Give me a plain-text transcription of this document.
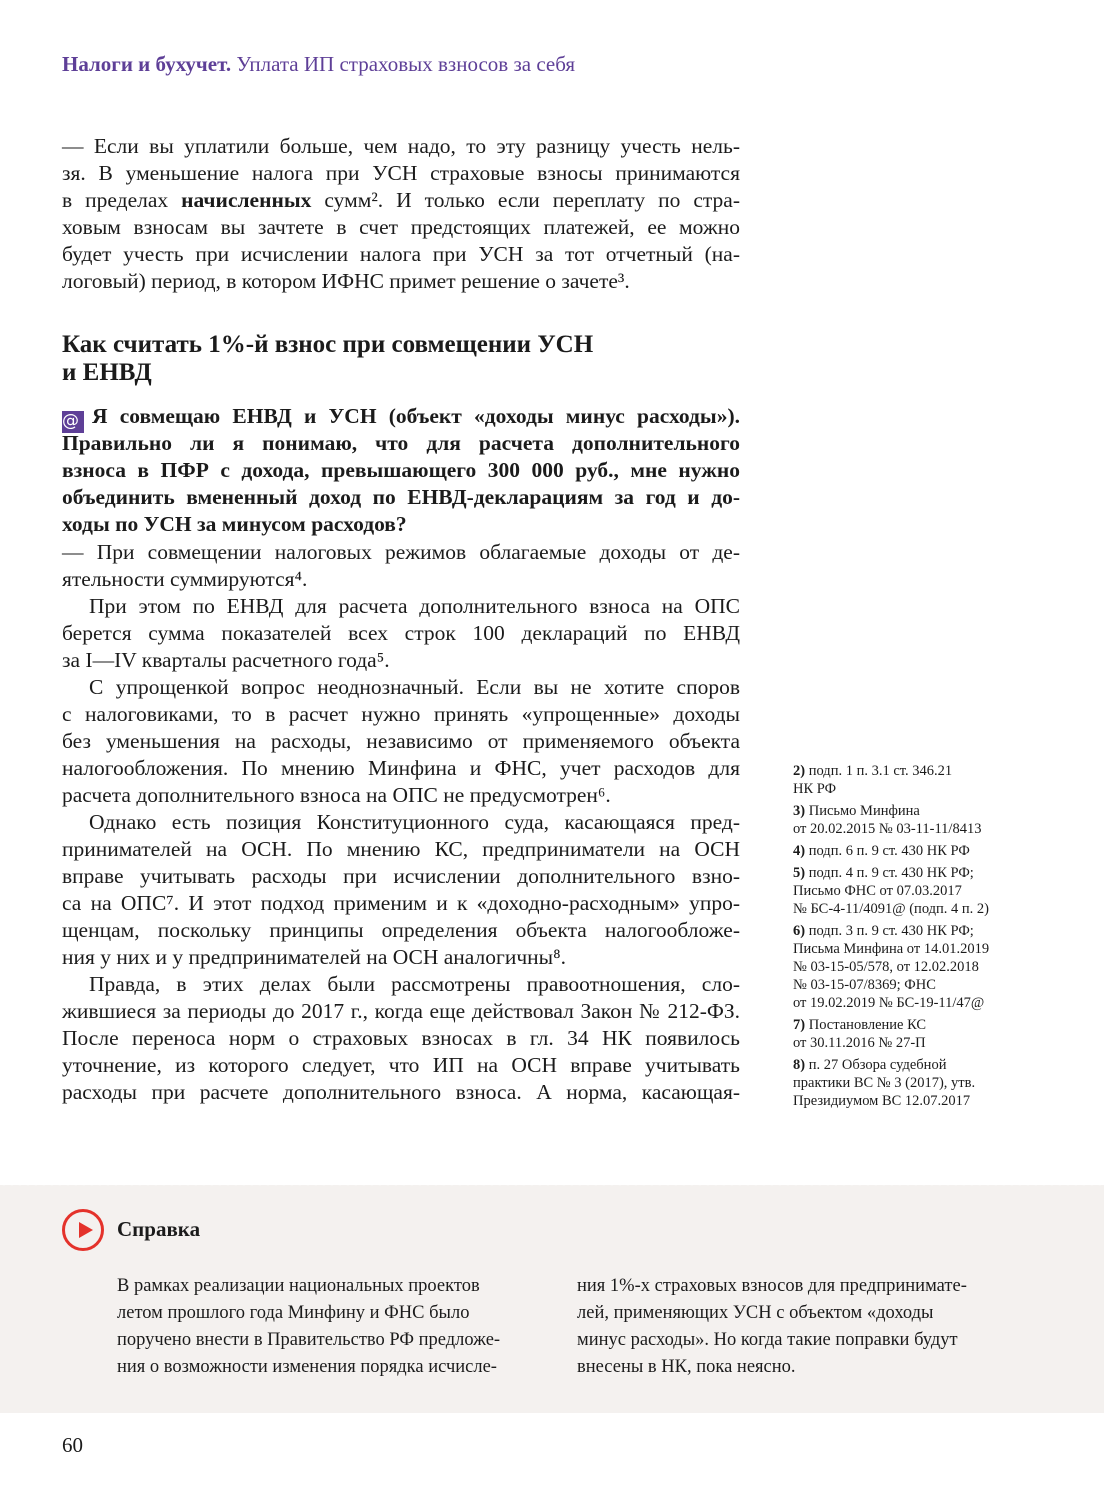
Налоги и бухучет. Уплата ИП страховых взносов за себя
— Если вы уплатили больше, чем надо, то эту разницу учесть нель-
зя. В уменьшение налога при УСН страховые взносы принимаются
в пределах начисленных сумм². И только если переплату по стра-
ховым взносам вы зачтете в счет предстоящих платежей, ее можно
будет учесть при исчислении налога при УСН за тот отчетный (на-
логовый) период, в котором ИФНС примет решение о зачете³.
Как считать 1%-й взнос при совмещении УСН
и ЕНВД
@ Я совмещаю ЕНВД и УСН (объект «доходы минус расходы»).
Правильно ли я понимаю, что для расчета дополнительного
взноса в ПФР с дохода, превышающего 300 000 руб., мне нужно
объединить вмененный доход по ЕНВД-декларациям за год и до-
ходы по УСН за минусом расходов?
— При совмещении налоговых режимов облагаемые доходы от де-
ятельности суммируются⁴.
При этом по ЕНВД для расчета дополнительного взноса на ОПС
берется сумма показателей всех строк 100 деклараций по ЕНВД
за I—IV кварталы расчетного года⁵.
С упрощенкой вопрос неоднозначный. Если вы не хотите споров
с налоговиками, то в расчет нужно принять «упрощенные» доходы
без уменьшения на расходы, независимо от применяемого объекта
налогообложения. По мнению Минфина и ФНС, учет расходов для
расчета дополнительного взноса на ОПС не предусмотрен⁶.
Однако есть позиция Конституционного суда, касающаяся пред-
принимателей на ОСН. По мнению КС, предприниматели на ОСН
вправе учитывать расходы при исчислении дополнительного взно-
са на ОПС⁷. И этот подход применим и к «доходно-расходным» упро-
щенцам, поскольку принципы определения объекта налогообложе-
ния у них и у предпринимателей на ОСН аналогичны⁸.
Правда, в этих делах были рассмотрены правоотношения, сло-
жившиеся за периоды до 2017 г., когда еще действовал Закон № 212-ФЗ.
После переноса норм о страховых взносах в гл. 34 НК появилось
уточнение, из которого следует, что ИП на ОСН вправе учитывать
расходы при расчете дополнительного взноса. А норма, касающая-
2) подп. 1 п. 3.1 ст. 346.21
НК РФ
3) Письмо Минфина
от 20.02.2015 № 03-11-11/8413
4) подп. 6 п. 9 ст. 430 НК РФ
5) подп. 4 п. 9 ст. 430 НК РФ;
Письмо ФНС от 07.03.2017
№ БС-4-11/4091@ (подп. 4 п. 2)
6) подп. 3 п. 9 ст. 430 НК РФ;
Письма Минфина от 14.01.2019
№ 03-15-05/578, от 12.02.2018
№ 03-15-07/8369; ФНС
от 19.02.2019 № БС-19-11/47@
7) Постановление КС
от 30.11.2016 № 27-П
8) п. 27 Обзора судебной
практики ВС № 3 (2017), утв.
Президиумом ВС 12.07.2017
Справка
В рамках реализации национальных проектов
летом прошлого года Минфину и ФНС было
поручено внести в Правительство РФ предложе-
ния о возможности изменения порядка исчисле-
ния 1%-х страховых взносов для предпринимате-
лей, применяющих УСН с объектом «доходы
минус расходы». Но когда такие поправки будут
внесены в НК, пока неясно.
60
